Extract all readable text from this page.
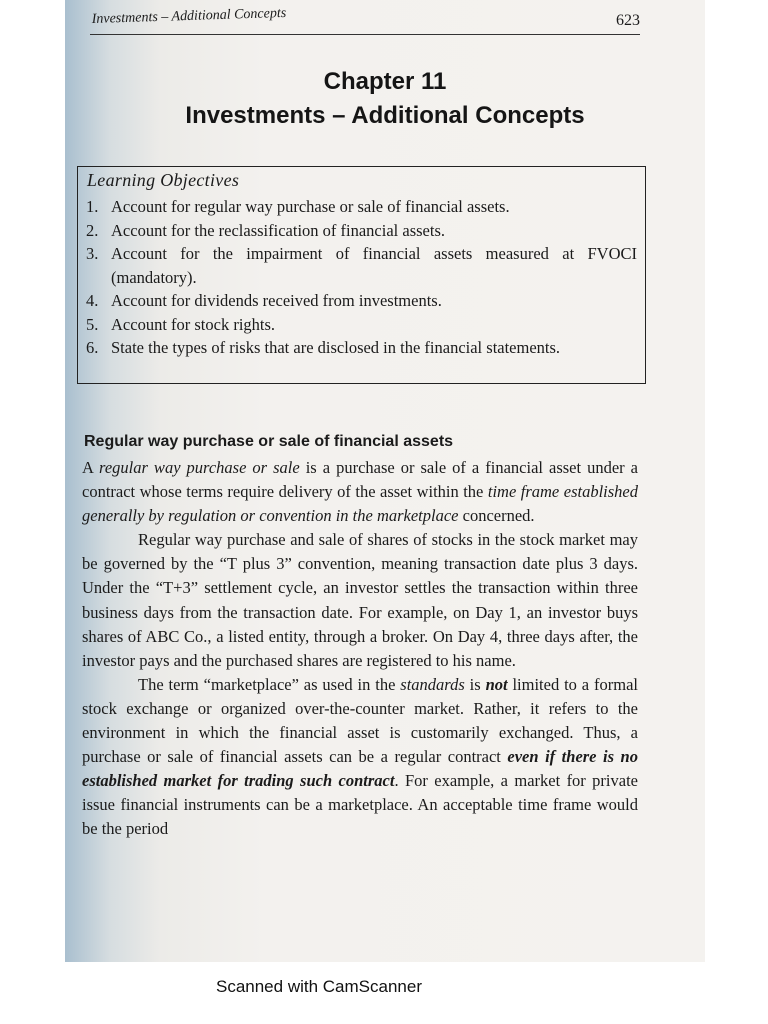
Investments – Additional Concepts	623
Chapter 11
Investments – Additional Concepts
Learning Objectives
1. Account for regular way purchase or sale of financial assets.
2. Account for the reclassification of financial assets.
3. Account for the impairment of financial assets measured at FVOCI (mandatory).
4. Account for dividends received from investments.
5. Account for stock rights.
6. State the types of risks that are disclosed in the financial statements.
Regular way purchase or sale of financial assets

A regular way purchase or sale is a purchase or sale of a financial asset under a contract whose terms require delivery of the asset within the time frame established generally by regulation or convention in the marketplace concerned.

Regular way purchase and sale of shares of stocks in the stock market may be governed by the “T plus 3” convention, meaning transaction date plus 3 days. Under the “T+3” settlement cycle, an investor settles the transaction within three business days from the transaction date. For example, on Day 1, an investor buys shares of ABC Co., a listed entity, through a broker. On Day 4, three days after, the investor pays and the purchased shares are registered to his name.

The term “marketplace” as used in the standards is not limited to a formal stock exchange or organized over-the-counter market. Rather, it refers to the environment in which the financial asset is customarily exchanged. Thus, a purchase or sale of financial assets can be a regular contract even if there is no established market for trading such contract. For example, a market for private issue financial instruments can be a marketplace. An acceptable time frame would be the period

Scanned with CamScanner
